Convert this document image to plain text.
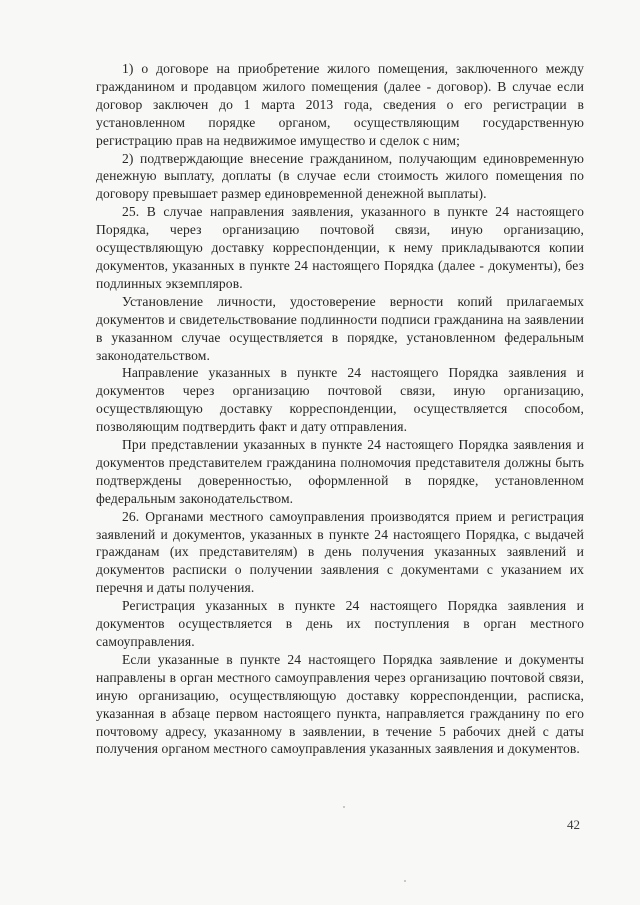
1) о договоре на приобретение жилого помещения, заключенного между гражданином и продавцом жилого помещения (далее - договор). В случае если договор заключен до 1 марта 2013 года, сведения о его регистрации в установленном порядке органом, осуществляющим государственную регистрацию прав на недвижимое имущество и сделок с ним;

2) подтверждающие внесение гражданином, получающим единовременную денежную выплату, доплаты (в случае если стоимость жилого помещения по договору превышает размер единовременной денежной выплаты).

25. В случае направления заявления, указанного в пункте 24 настоящего Порядка, через организацию почтовой связи, иную организацию, осуществляющую доставку корреспонденции, к нему прикладываются копии документов, указанных в пункте 24 настоящего Порядка (далее - документы), без подлинных экземпляров.

Установление личности, удостоверение верности копий прилагаемых документов и свидетельствование подлинности подписи гражданина на заявлении в указанном случае осуществляется в порядке, установленном федеральным законодательством.

Направление указанных в пункте 24 настоящего Порядка заявления и документов через организацию почтовой связи, иную организацию, осуществляющую доставку корреспонденции, осуществляется способом, позволяющим подтвердить факт и дату отправления.

При представлении указанных в пункте 24 настоящего Порядка заявления и документов представителем гражданина полномочия представителя должны быть подтверждены доверенностью, оформленной в порядке, установленном федеральным законодательством.

26. Органами местного самоуправления производятся прием и регистрация заявлений и документов, указанных в пункте 24 настоящего Порядка, с выдачей гражданам (их представителям) в день получения указанных заявлений и документов расписки о получении заявления с документами с указанием их перечня и даты получения.

Регистрация указанных в пункте 24 настоящего Порядка заявления и документов осуществляется в день их поступления в орган местного самоуправления.

Если указанные в пункте 24 настоящего Порядка заявление и документы направлены в орган местного самоуправления через организацию почтовой связи, иную организацию, осуществляющую доставку корреспонденции, расписка, указанная в абзаце первом настоящего пункта, направляется гражданину по его почтовому адресу, указанному в заявлении, в течение 5 рабочих дней с даты получения органом местного самоуправления указанных заявления и документов.

42
